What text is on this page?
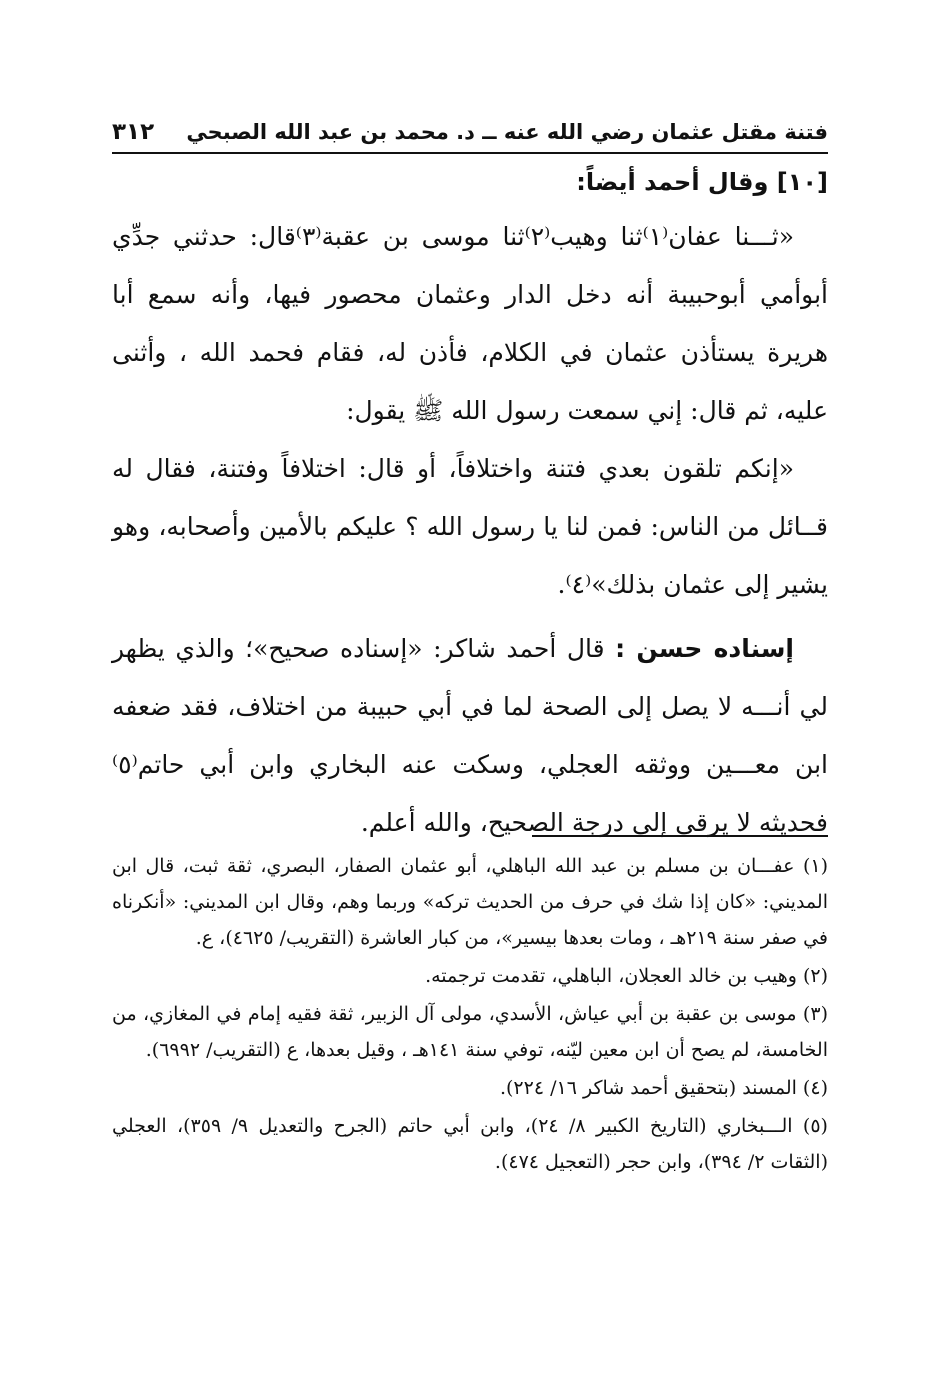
فتنة مقتل عثمان رضي الله عنه ــ د. محمد بن عبد الله الصبحي
٣١٢

[١٠] وقال أحمد أيضاً:

«ثـــنا عفان⁽١⁾ثنا وهيب⁽٢⁾ثنا موسى بن عقبة⁽٣⁾قال: حدثني جدِّي أبوأمي أبوحبيبة أنه دخل الدار وعثمان محصور فيها، وأنه سمع أبا هريرة يستأذن عثمان في الكلام، فأذن له، فقام فحمد الله ، وأثنى عليه، ثم قال: إني سمعت رسول الله ﷺ يقول:

«إنكم تلقون بعدي فتنة واختلافاً، أو قال: اختلافاً وفتنة، فقال له قــائل من الناس: فمن لنا يا رسول الله ؟ عليكم بالأمين وأصحابه، وهو يشير إلى عثمان بذلك»⁽٤⁾.

إسناده حسن : قال أحمد شاكر: «إسناده صحيح»؛ والذي يظهر لي أنـــه لا يصل إلى الصحة لما في أبي حبيبة من اختلاف، فقد ضعفه ابن معـــين ووثقه العجلي، وسكت عنه البخاري وابن أبي حاتم⁽٥⁾فحديثه لا يرقى إلى درجة الصحيح، والله أعلم.

(١) عفـــان بن مسلم بن عبد الله الباهلي، أبو عثمان الصفار، البصري، ثقة ثبت، قال ابن المديني: «كان إذا شك في حرف من الحديث تركه» وربما وهم، وقال ابن المديني: «أنكرناه في صفر سنة ٢١٩هـ ، ومات بعدها بيسير»، من كبار العاشرة (التقريب/ ٤٦٢٥)، ع.

(٢) وهيب بن خالد العجلان، الباهلي، تقدمت ترجمته.

(٣) موسى بن عقبة بن أبي عياش، الأسدي، مولى آل الزبير، ثقة فقيه إمام في المغازي، من الخامسة، لم يصح أن ابن معين ليّنه، توفي سنة ١٤١هـ ، وقيل بعدها، ع (التقريب/ ٦٩٩٢).

(٤) المسند (بتحقيق أحمد شاكر ١٦/ ٢٢٤).

(٥) الـــبخاري (التاريخ الكبير ٨/ ٢٤)، وابن أبي حاتم (الجرح والتعديل ٩/ ٣٥٩)، العجلي (الثقات ٢/ ٣٩٤)، وابن حجر (التعجيل ٤٧٤).
